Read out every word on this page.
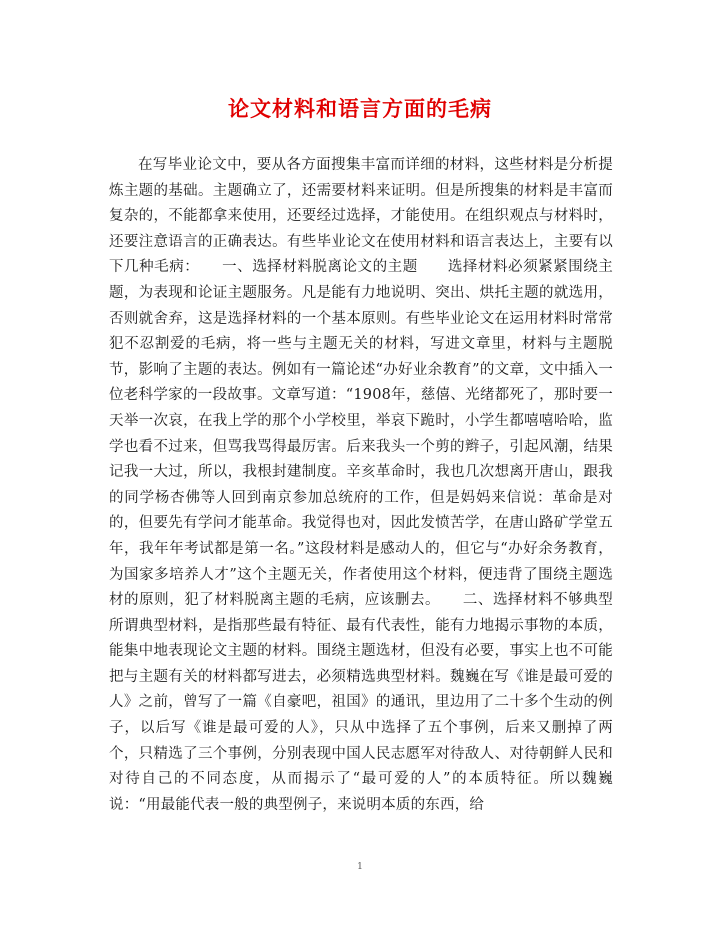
论文材料和语言方面的毛病

在写毕业论文中，要从各方面搜集丰富而详细的材料，这些材料是分析提炼主题的基础。主题确立了，还需要材料来证明。但是所搜集的材料是丰富而复杂的，不能都拿来使用，还要经过选择，才能使用。在组织观点与材料时，还要注意语言的正确表达。有些毕业论文在使用材料和语言表达上，主要有以下几种毛病：　　一、选择材料脱离论文的主题　　选择材料必须紧紧围绕主题，为表现和论证主题服务。凡是能有力地说明、突出、烘托主题的就选用，否则就舍弃，这是选择材料的一个基本原则。有些毕业论文在运用材料时常常犯不忍割爱的毛病，将一些与主题无关的材料，写进文章里，材料与主题脱节，影响了主题的表达。例如有一篇论述“办好业余教育”的文章，文中插入一位老科学家的一段故事。文章写道：“1908年，慈僖、光绪都死了，那时要一天举一次哀，在我上学的那个小学校里，举哀下跪时，小学生都嘻嘻哈哈，监学也看不过来，但骂我骂得最厉害。后来我头一个剪的辫子，引起风潮，结果记我一大过，所以，我根封建制度。辛亥革命时，我也几次想离开唐山，跟我的同学杨杏佛等人回到南京参加总统府的工作，但是妈妈来信说：革命是对的，但要先有学问才能革命。我觉得也对，因此发愤苦学，在唐山路矿学堂五年，我年年考试都是第一名。”这段材料是感动人的，但它与“办好余务教育，为国家多培养人才”这个主题无关，作者使用这个材料，便违背了围绕主题选材的原则，犯了材料脱离主题的毛病，应该删去。　　二、选择材料不够典型　　所谓典型材料，是指那些最有特征、最有代表性，能有力地揭示事物的本质，能集中地表现论文主题的材料。围绕主题选材，但没有必要，事实上也不可能把与主题有关的材料都写进去，必须精选典型材料。魏巍在写《谁是最可爱的人》之前，曾写了一篇《自豪吧，祖国》的通讯，里边用了二十多个生动的例子，以后写《谁是最可爱的人》，只从中选择了五个事例，后来又删掉了两个，只精选了三个事例，分别表现中国人民志愿军对待敌人、对待朝鲜人民和对待自己的不同态度，从而揭示了“最可爱的人”的本质特征。所以魏巍说：“用最能代表一般的典型例子，来说明本质的东西，给

1
